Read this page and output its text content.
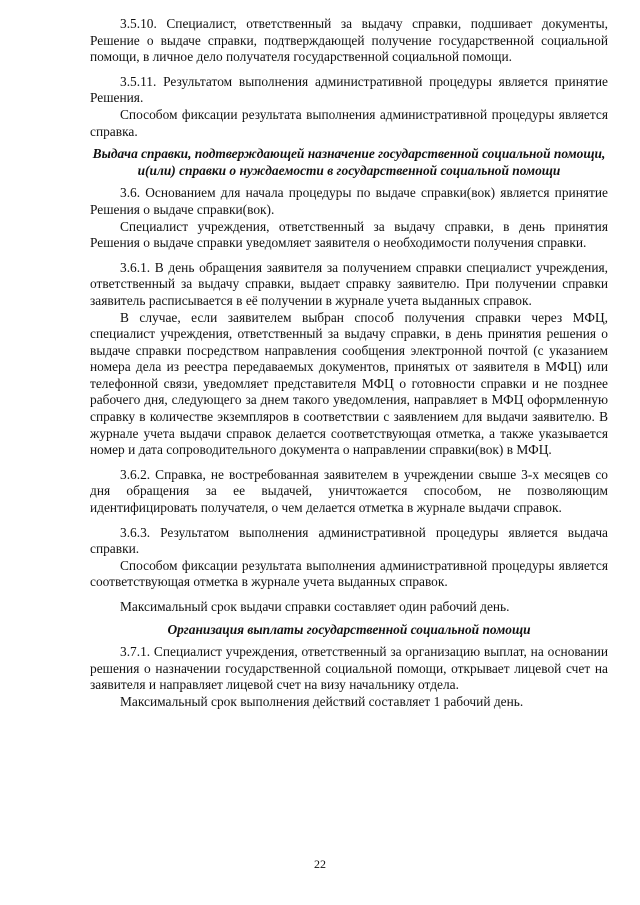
3.5.10. Специалист, ответственный за выдачу справки, подшивает документы, Решение о выдаче справки, подтверждающей получение государственной социальной помощи, в личное дело получателя государственной социальной помощи.

3.5.11. Результатом выполнения административной процедуры является принятие Решения.

Способом фиксации результата выполнения административной процедуры является справка.

Выдача справки, подтверждающей назначение государственной социальной помощи, и(или) справки о нуждаемости в государственной социальной помощи

3.6. Основанием для начала процедуры по выдаче справки(вок) является принятие Решения о выдаче справки(вок).

Специалист учреждения, ответственный за выдачу справки, в день принятия Решения о выдаче справки уведомляет заявителя о необходимости получения справки.

3.6.1. В день обращения заявителя за получением справки специалист учреждения, ответственный за выдачу справки, выдает справку заявителю. При получении справки заявитель расписывается в её получении в журнале учета выданных справок.

В случае, если заявителем выбран способ получения справки через МФЦ, специалист учреждения, ответственный за выдачу справки, в день принятия решения о выдаче справки посредством направления сообщения электронной почтой (с указанием номера дела из реестра передаваемых документов, принятых от заявителя в МФЦ) или телефонной связи, уведомляет представителя МФЦ о готовности справки и не позднее рабочего дня, следующего за днем такого уведомления, направляет в МФЦ оформленную справку в количестве экземпляров в соответствии с заявлением для выдачи заявителю. В журнале учета выдачи справок делается соответствующая отметка, а также указывается номер и дата сопроводительного документа о направлении справки(вок) в МФЦ.

3.6.2. Справка, не востребованная заявителем в учреждении свыше 3-х месяцев со дня обращения за ее выдачей, уничтожается способом, не позволяющим идентифицировать получателя, о чем делается отметка в журнале выдачи справок.

3.6.3. Результатом выполнения административной процедуры является выдача справки.

Способом фиксации результата выполнения административной процедуры является соответствующая отметка в журнале учета выданных справок.

Максимальный срок выдачи справки составляет один рабочий день.

Организация выплаты государственной социальной помощи

3.7.1. Специалист учреждения, ответственный за организацию выплат, на основании решения о назначении государственной социальной помощи, открывает лицевой счет на заявителя и направляет лицевой счет на визу начальнику отдела.

Максимальный срок выполнения действий составляет 1 рабочий день.

22
